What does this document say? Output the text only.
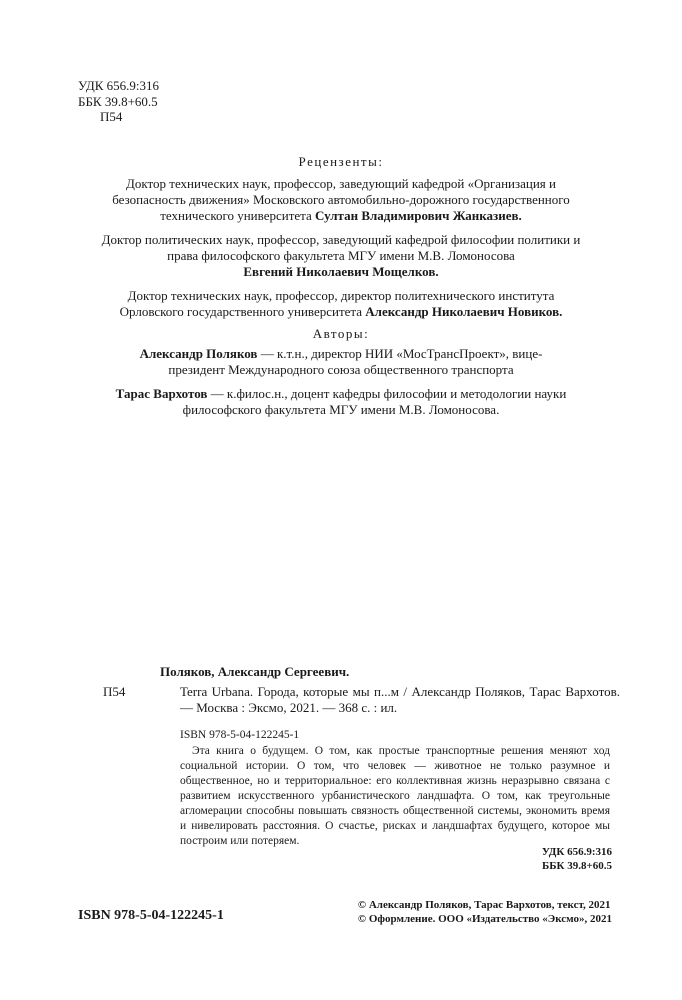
УДК 656.9:316
ББК 39.8+60.5
П54
Рецензенты:

Доктор технических наук, профессор, заведующий кафедрой «Организация и безопасность движения» Московского автомобильно-дорожного государственного технического университета Султан Владимирович Жанказиев.

Доктор политических наук, профессор, заведующий кафедрой философии политики и права философского факультета МГУ имени М.В. Ломоносова
Евгений Николаевич Мощелков.

Доктор технических наук, профессор, директор политехнического института Орловского государственного университета Александр Николаевич Новиков.

Авторы:

Александр Поляков — к.т.н., директор НИИ «МосТрансПроект», вице-президент Международного союза общественного транспорта

Тарас Вархотов — к.филос.н., доцент кафедры философии и методологии науки философского факультета МГУ имени М.В. Ломоносова.

П54
Поляков, Александр Сергеевич.
Terra Urbana. Города, которые мы п...м / Александр Поляков, Тарас Вархотов. — Москва : Эксмо, 2021. — 368 с. : ил.
ISBN 978-5-04-122245-1

Эта книга о будущем. О том, как простые транспортные решения меняют ход социальной истории. О том, что человек — животное не только разумное и общественное, но и территориальное: его коллективная жизнь неразрывно связана с развитием искусственного урбанистического ландшафта. О том, как треугольные агломерации способны повышать связность общественной системы, экономить время и нивелировать расстояния. О счастье, рисках и ландшафтах будущего, которое мы построим или потеряем.

УДК 656.9:316
ББК 39.8+60.5
ISBN 978-5-04-122245-1
© Александр Поляков, Тарас Вархотов, текст, 2021
© Оформление. ООО «Издательство «Эксмо», 2021
